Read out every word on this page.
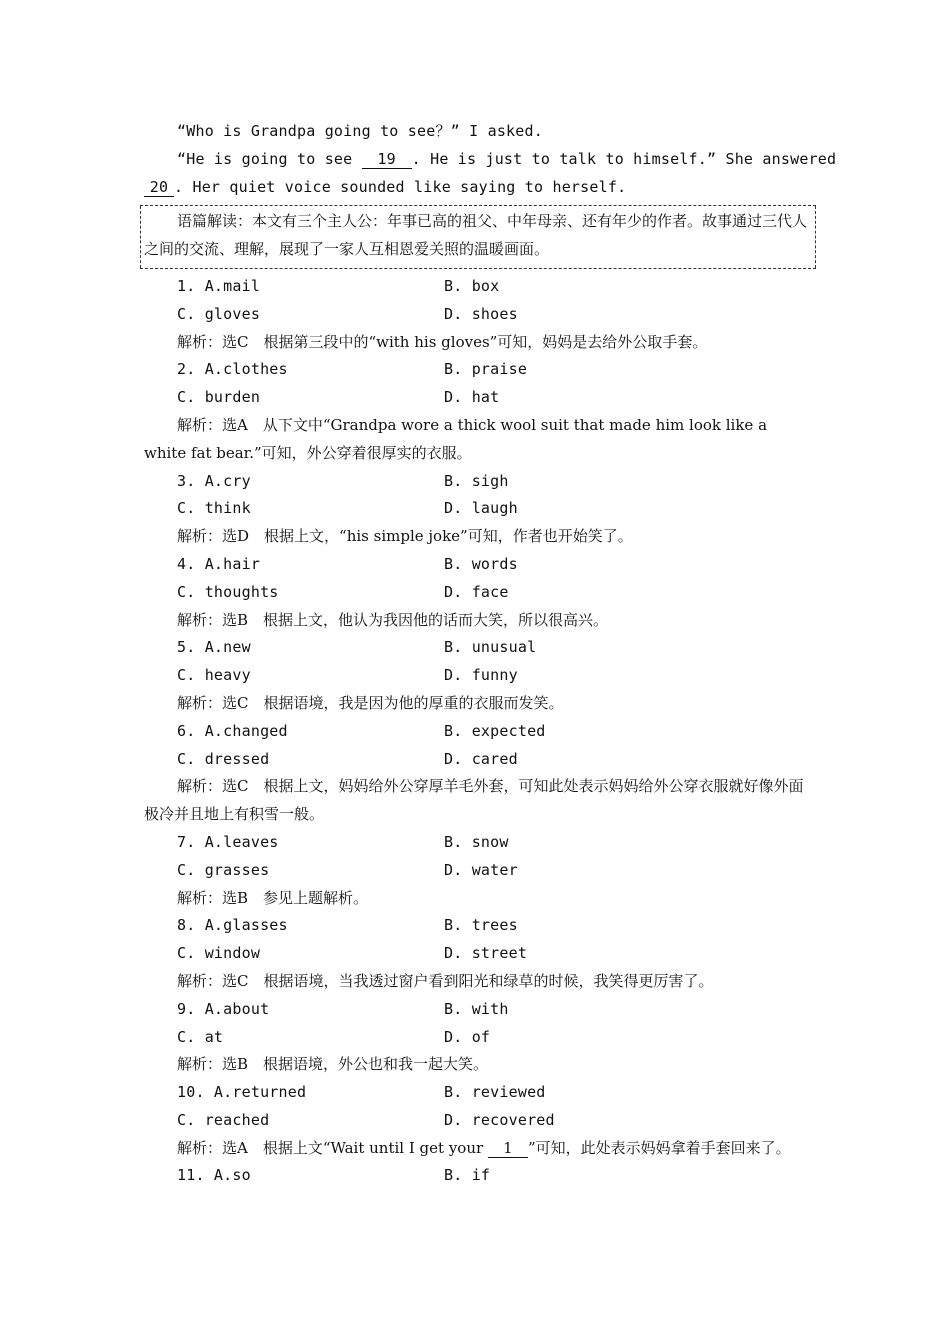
“Who is Grandpa going to see？” I asked.
“He is going to see 19 . He is just to talk to himself.” She answered
20 . Her quiet voice sounded like saying to herself.
语篇解读：本文有三个主人公：年事已高的祖父、中年母亲、还有年少的作者。故事通过三代人之间的交流、理解，展现了一家人互相恩爱关照的温暖画面。
1. A.mail	B. box
C. gloves	D. shoes
解析：选C　根据第三段中的“with his gloves”可知，妈妈是去给外公取手套。
2. A.clothes	B. praise
C. burden	D. hat
解析：选A　从下文中“Grandpa wore a thick wool suit that made him look like a white fat bear.”可知，外公穿着很厚实的衣服。
3. A.cry	B. sigh
C. think	D. laugh
解析：选D　根据上文，“his simple joke”可知，作者也开始笑了。
4. A.hair	B. words
C. thoughts	D. face
解析：选B　根据上文，他认为我因他的话而大笑，所以很高兴。
5. A.new	B. unusual
C. heavy	D. funny
解析：选C　根据语境，我是因为他的厚重的衣服而发笑。
6. A.changed	B. expected
C. dressed	D. cared
解析：选C　根据上文，妈妈给外公穿厚羊毛外套，可知此处表示妈妈给外公穿衣服就好像外面极冷并且地上有积雪一般。
7. A.leaves	B. snow
C. grasses	D. water
解析：选B　参见上题解析。
8. A.glasses	B. trees
C. window	D. street
解析：选C　根据语境，当我透过窗户看到阳光和绿草的时候，我笑得更厉害了。
9. A.about	B. with
C. at	D. of
解析：选B　根据语境，外公也和我一起大笑。
10. A.returned	B. reviewed
C. reached	D. recovered
解析：选A　根据上文“Wait until I get your 1 ”可知，此处表示妈妈拿着手套回来了。
11. A.so	B. if
